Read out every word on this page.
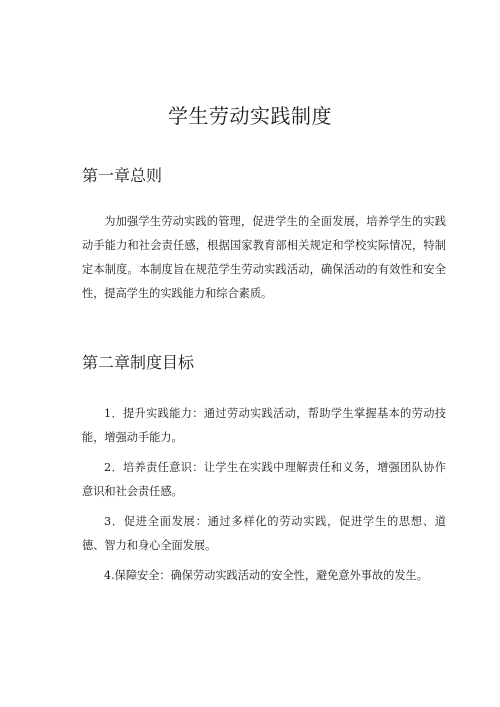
学生劳动实践制度
第一章总则

为加强学生劳动实践的管理，促进学生的全面发展，培养学生的实践动手能力和社会责任感，根据国家教育部相关规定和学校实际情况，特制定本制度。本制度旨在规范学生劳动实践活动，确保活动的有效性和安全性，提高学生的实践能力和综合素质。

第二章制度目标

1．提升实践能力：通过劳动实践活动，帮助学生掌握基本的劳动技能，增强动手能力。

2．培养责任意识：让学生在实践中理解责任和义务，增强团队协作意识和社会责任感。

3．促进全面发展：通过多样化的劳动实践，促进学生的思想、道德、智力和身心全面发展。

4.保障安全：确保劳动实践活动的安全性，避免意外事故的发生。
